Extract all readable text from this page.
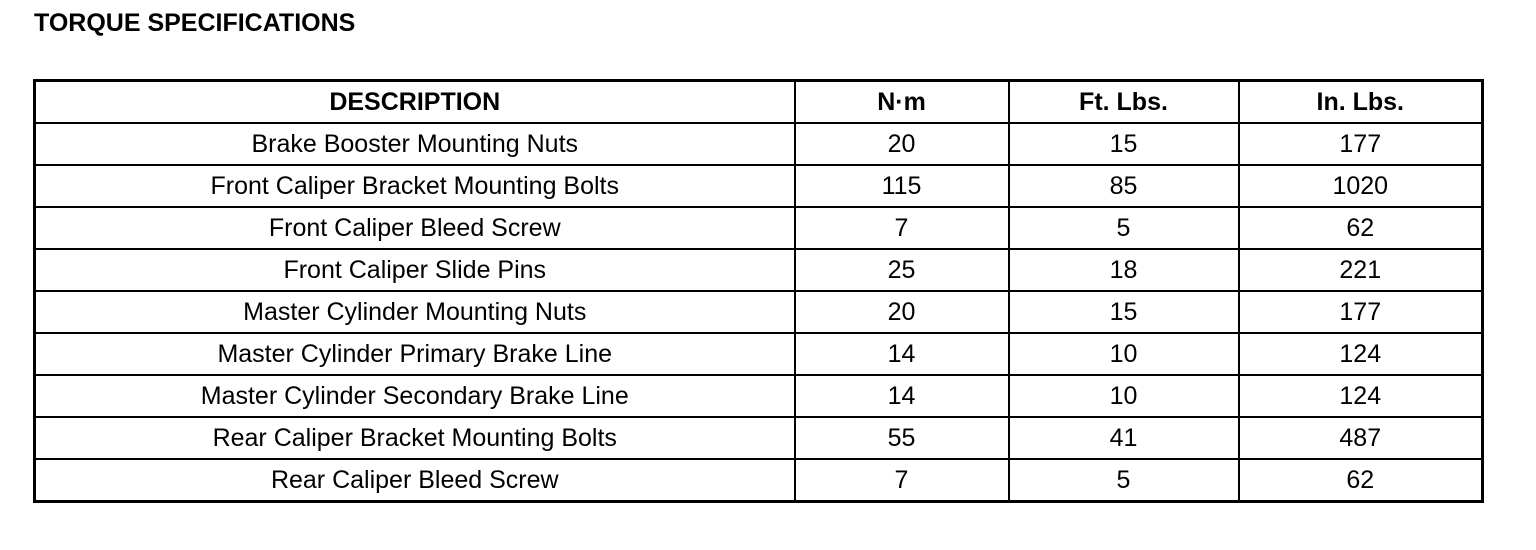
TORQUE SPECIFICATIONS
DESCRIPTION	N·m	Ft. Lbs.	In. Lbs.
Brake Booster Mounting Nuts	20	15	177
Front Caliper Bracket Mounting Bolts	115	85	1020
Front Caliper Bleed Screw	7	5	62
Front Caliper Slide Pins	25	18	221
Master Cylinder Mounting Nuts	20	15	177
Master Cylinder Primary Brake Line	14	10	124
Master Cylinder Secondary Brake Line	14	10	124
Rear Caliper Bracket Mounting Bolts	55	41	487
Rear Caliper Bleed Screw	7	5	62
